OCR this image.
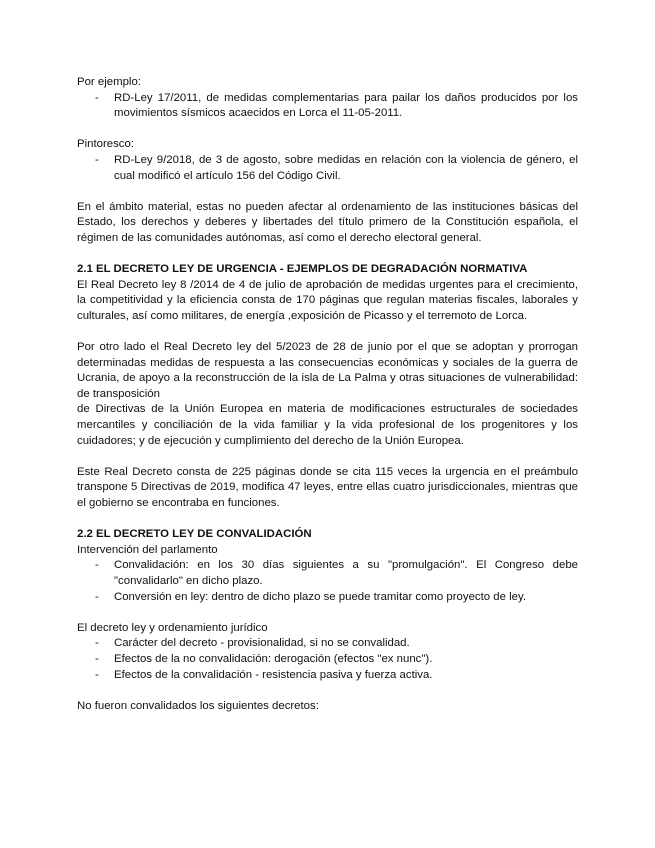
Por ejemplo:

- RD-Ley 17/2011, de medidas complementarias para pailar los daños producidos por los movimientos sísmicos acaecidos en Lorca el 11-05-2011.

Pintoresco:

- RD-Ley 9/2018, de 3 de agosto, sobre medidas en relación con la violencia de género, el cual modificó el artículo 156 del Código Civil.

En el ámbito material, estas no pueden afectar al ordenamiento de las instituciones básicas del Estado, los derechos y deberes y libertades del título primero de la Constitución española, el régimen de las comunidades autónomas, así como el derecho electoral general.

2.1 EL DECRETO LEY DE URGENCIA - EJEMPLOS DE DEGRADACIÓN NORMATIVA

El Real Decreto ley 8 /2014 de 4 de julio de aprobación de medidas urgentes para el crecimiento, la competitividad y la eficiencia consta de 170 páginas que regulan materias fiscales, laborales y culturales, así como militares, de energía ,exposición de Picasso y el terremoto de Lorca.

Por otro lado el Real Decreto ley del 5/2023 de 28 de junio por el que se adoptan y prorrogan determinadas medidas de respuesta a las consecuencias económicas y sociales de la guerra de Ucrania, de apoyo a la reconstrucción de la isla de La Palma y otras situaciones de vulnerabilidad: de transposición

de Directivas de la Unión Europea en materia de modificaciones estructurales de sociedades mercantiles y conciliación de la vida familiar y la vida profesional de los progenitores y los cuidadores; y de ejecución y cumplimiento del derecho de la Unión Europea.

Este Real Decreto consta de 225 páginas donde se cita 115 veces la urgencia en el preámbulo transpone 5 Directivas de 2019, modifica 47 leyes, entre ellas cuatro jurisdiccionales, mientras que el gobierno se encontraba en funciones.

2.2 EL DECRETO LEY DE CONVALIDACIÓN

Intervención del parlamento

- Convalidación: en los 30 días siguientes a su "promulgación". El Congreso debe "convalidarlo" en dicho plazo.
- Conversión en ley: dentro de dicho plazo se puede tramitar como proyecto de ley.

El decreto ley y ordenamiento jurídico

- Carácter del decreto - provisionalidad, si no se convalidad.
- Efectos de la no convalidación: derogación (efectos "ex nunc").
- Efectos de la convalidación - resistencia pasiva y fuerza activa.

No fueron convalidados los siguientes decretos:
